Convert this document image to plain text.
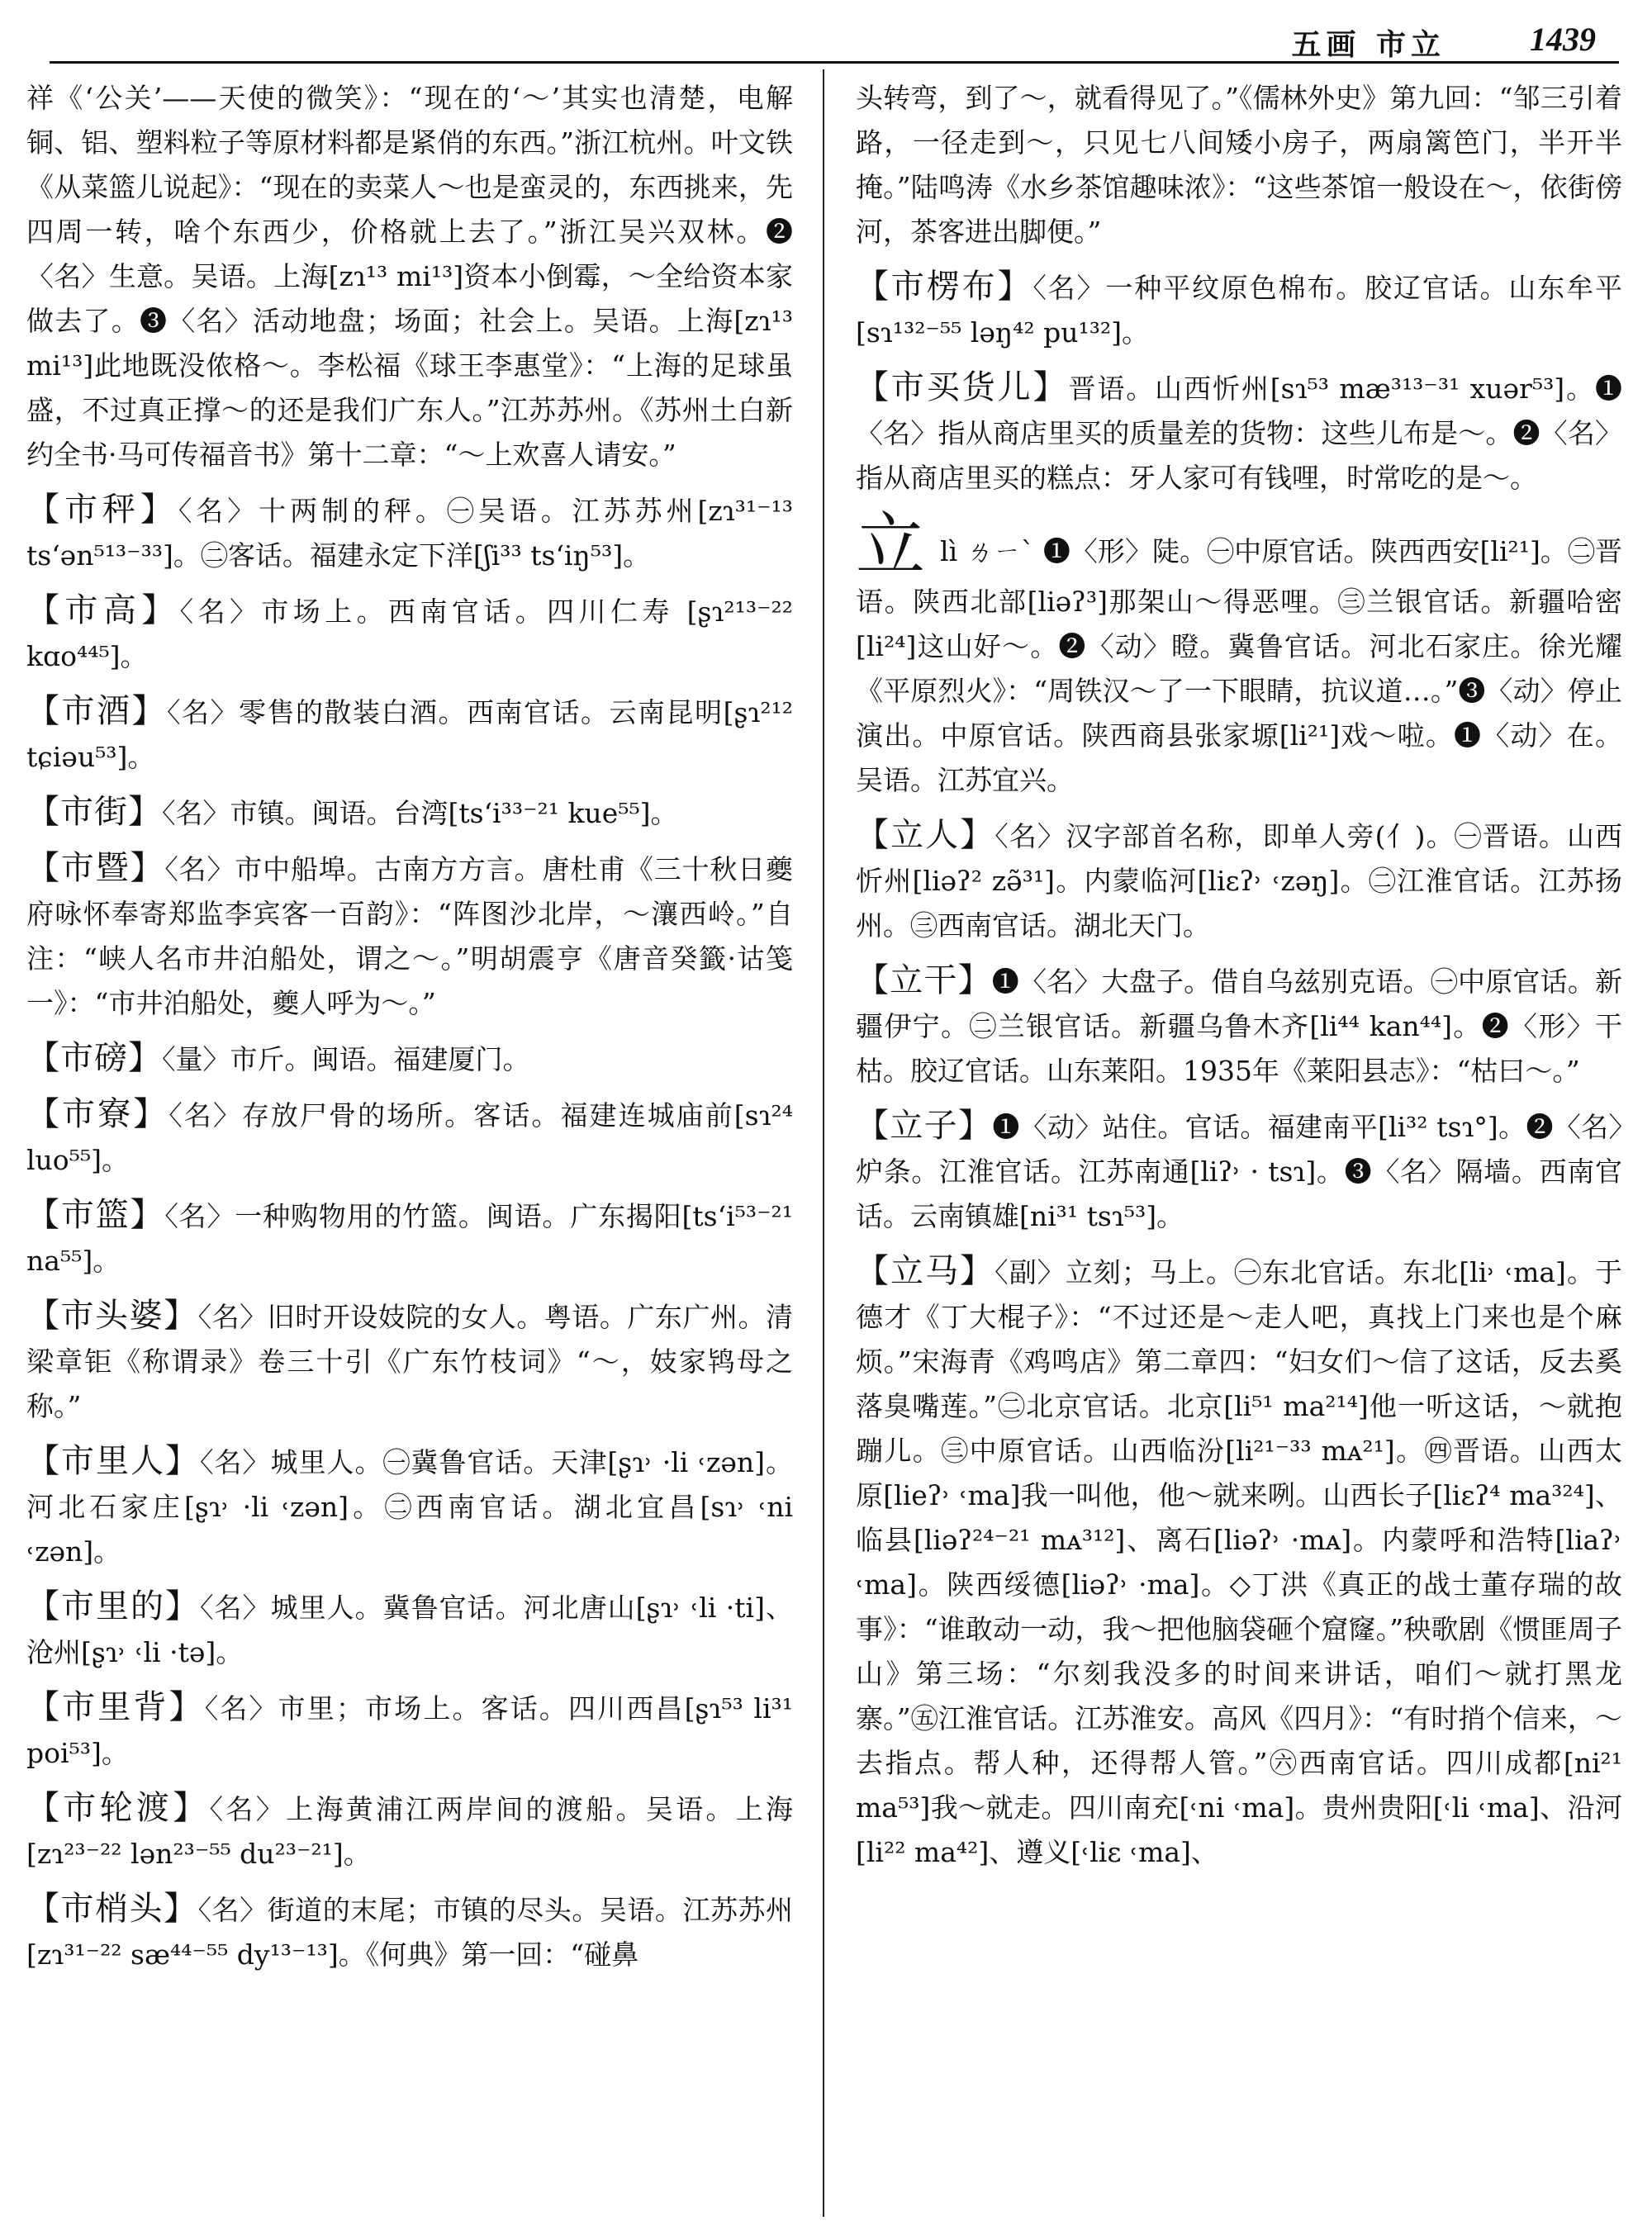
五画 市立	1439

祥《‘公关’——天使的微笑》：“现在的‘～’其实也清楚，电解铜、铝、塑料粒子等原材料都是紧俏的东西。”浙江杭州。叶文铁《从菜篮儿说起》：“现在的卖菜人～也是蛮灵的，东西挑来，先四周一转，啥个东西少，价格就上去了。”浙江吴兴双林。❷〈名〉生意。吴语。上海[zɿ¹³ mi¹³]资本小倒霉，～全给资本家做去了。❸〈名〉活动地盘；场面；社会上。吴语。上海[zɿ¹³ mi¹³]此地既没侬格～。李松福《球王李惠堂》：“上海的足球虽盛，不过真正撑～的还是我们广东人。”江苏苏州。《苏州土白新约全书·马可传福音书》第十二章：“～上欢喜人请安。”

【市秤】〈名〉十两制的秤。㊀吴语。江苏苏州[zɿ³¹⁻¹³ tsʻən⁵¹³⁻³³]。㊁客话。福建永定下洋[ʃi³³ tsʻiŋ⁵³]。

【市高】〈名〉市场上。西南官话。四川仁寿 [ʂɿ²¹³⁻²² kɑo⁴⁴⁵]。

【市酒】〈名〉零售的散装白酒。西南官话。云南昆明[ʂɿ²¹² tɕiəu⁵³]。

【市街】〈名〉市镇。闽语。台湾[tsʻi³³⁻²¹ kue⁵⁵]。

【市暨】〈名〉市中船埠。古南方方言。唐杜甫《三十秋日夔府咏怀奉寄郑监李宾客一百韵》：“阵图沙北岸，～瀼西岭。”自注：“峡人名市井泊船处，谓之～。”明胡震亨《唐音癸籤·诂笺一》：“市井泊船处，夔人呼为～。”

【市磅】〈量〉市斤。闽语。福建厦门。

【市寮】〈名〉存放尸骨的场所。客话。福建连城庙前[sɿ²⁴ luo⁵⁵]。

【市篮】〈名〉一种购物用的竹篮。闽语。广东揭阳[tsʻi⁵³⁻²¹ na⁵⁵]。

【市头婆】〈名〉旧时开设妓院的女人。粤语。广东广州。清梁章钜《称谓录》卷三十引《广东竹枝词》“～，妓家鸨母之称。”

【市里人】〈名〉城里人。㊀冀鲁官话。天津[ʂɿ˒ ·li ˓zən]。河北石家庄[ʂɿ˒ ·li ˓zən]。㊁西南官话。湖北宜昌[sɿ˒ ˓ni ˓zən]。

【市里的】〈名〉城里人。冀鲁官话。河北唐山[ʂɿ˒ ˓li ·ti]、沧州[ʂɿ˒ ˓li ·tə]。

【市里背】〈名〉市里；市场上。客话。四川西昌[ʂɿ⁵³ li³¹ poi⁵³]。

【市轮渡】〈名〉上海黄浦江两岸间的渡船。吴语。上海[zɿ²³⁻²² lən²³⁻⁵⁵ du²³⁻²¹]。

【市梢头】〈名〉街道的末尾；市镇的尽头。吴语。江苏苏州[zɿ³¹⁻²² sæ⁴⁴⁻⁵⁵ dy¹³⁻¹³]。《何典》第一回：“碰鼻

头转弯，到了～，就看得见了。”《儒林外史》第九回：“邹三引着路，一径走到～，只见七八间矮小房子，两扇篱笆门，半开半掩。”陆鸣涛《水乡茶馆趣味浓》：“这些茶馆一般设在～，依街傍河，茶客进出脚便。”

【市楞布】〈名〉一种平纹原色棉布。胶辽官话。山东牟平[sɿ¹³²⁻⁵⁵ ləŋ⁴² pu¹³²]。

【市买货儿】晋语。山西忻州[sɿ⁵³ mæ³¹³⁻³¹ xuər⁵³]。❶〈名〉指从商店里买的质量差的货物：这些儿布是～。❷〈名〉指从商店里买的糕点：牙人家可有钱哩，时常吃的是～。

立lì ㄌㄧˋ ❶〈形〉陡。㊀中原官话。陕西西安[li²¹]。㊁晋语。陕西北部[liəʔ³]那架山～得恶哩。㊂兰银官话。新疆哈密[li²⁴]这山好～。❷〈动〉瞪。冀鲁官话。河北石家庄。徐光耀《平原烈火》：“周铁汉～了一下眼睛，抗议道…。”❸〈动〉停止演出。中原官话。陕西商县张家塬[li²¹]戏～啦。❶〈动〉在。吴语。江苏宜兴。

【立人】〈名〉汉字部首名称，即单人旁(亻)。㊀晋语。山西忻州[liəʔ² zə̃³¹]。内蒙临河[liɛʔ˒ ˓zəŋ]。㊁江淮官话。江苏扬州。㊂西南官话。湖北天门。

【立干】❶〈名〉大盘子。借自乌兹别克语。㊀中原官话。新疆伊宁。㊁兰银官话。新疆乌鲁木齐[li⁴⁴ kan⁴⁴]。❷〈形〉干枯。胶辽官话。山东莱阳。1935年《莱阳县志》：“枯曰～。”

【立子】❶〈动〉站住。官话。福建南平[li³² tsɿ°]。❷〈名〉炉条。江淮官话。江苏南通[liʔ˒ · tsɿ]。❸〈名〉隔墙。西南官话。云南镇雄[ni³¹ tsɿ⁵³]。

【立马】〈副〉立刻；马上。㊀东北官话。东北[li˒ ˓ma]。于德才《丁大棍子》：“不过还是～走人吧，真找上门来也是个麻烦。”宋海青《鸡鸣店》第二章四：“妇女们～信了这话，反去奚落臭嘴莲。”㊁北京官话。北京[li⁵¹ ma²¹⁴]他一听这话，～就抱蹦儿。㊂中原官话。山西临汾[li²¹⁻³³ mᴀ²¹]。㊃晋语。山西太原[lieʔ˒ ˓ma]我一叫他，他～就来咧。山西长子[liɛʔ⁴ ma³²⁴]、临县[liəʔ²⁴⁻²¹ mᴀ³¹²]、离石[liəʔ˒ ·mᴀ]。内蒙呼和浩特[liaʔ˒ ˓ma]。陕西绥德[liəʔ˒ ·ma]。◇丁洪《真正的战士董存瑞的故事》：“谁敢动一动，我～把他脑袋砸个窟窿。”秧歌剧《惯匪周子山》第三场：“尔刻我没多的时间来讲话，咱们～就打黑龙寨。”㊄江淮官话。江苏淮安。高风《四月》：“有时捎个信来，～去指点。帮人种，还得帮人管。”㊅西南官话。四川成都[ni²¹ ma⁵³]我～就走。四川南充[˓ni ˓ma]。贵州贵阳[˓li ˓ma]、沿河[li²² ma⁴²]、遵义[˓liɛ ˓ma]、
